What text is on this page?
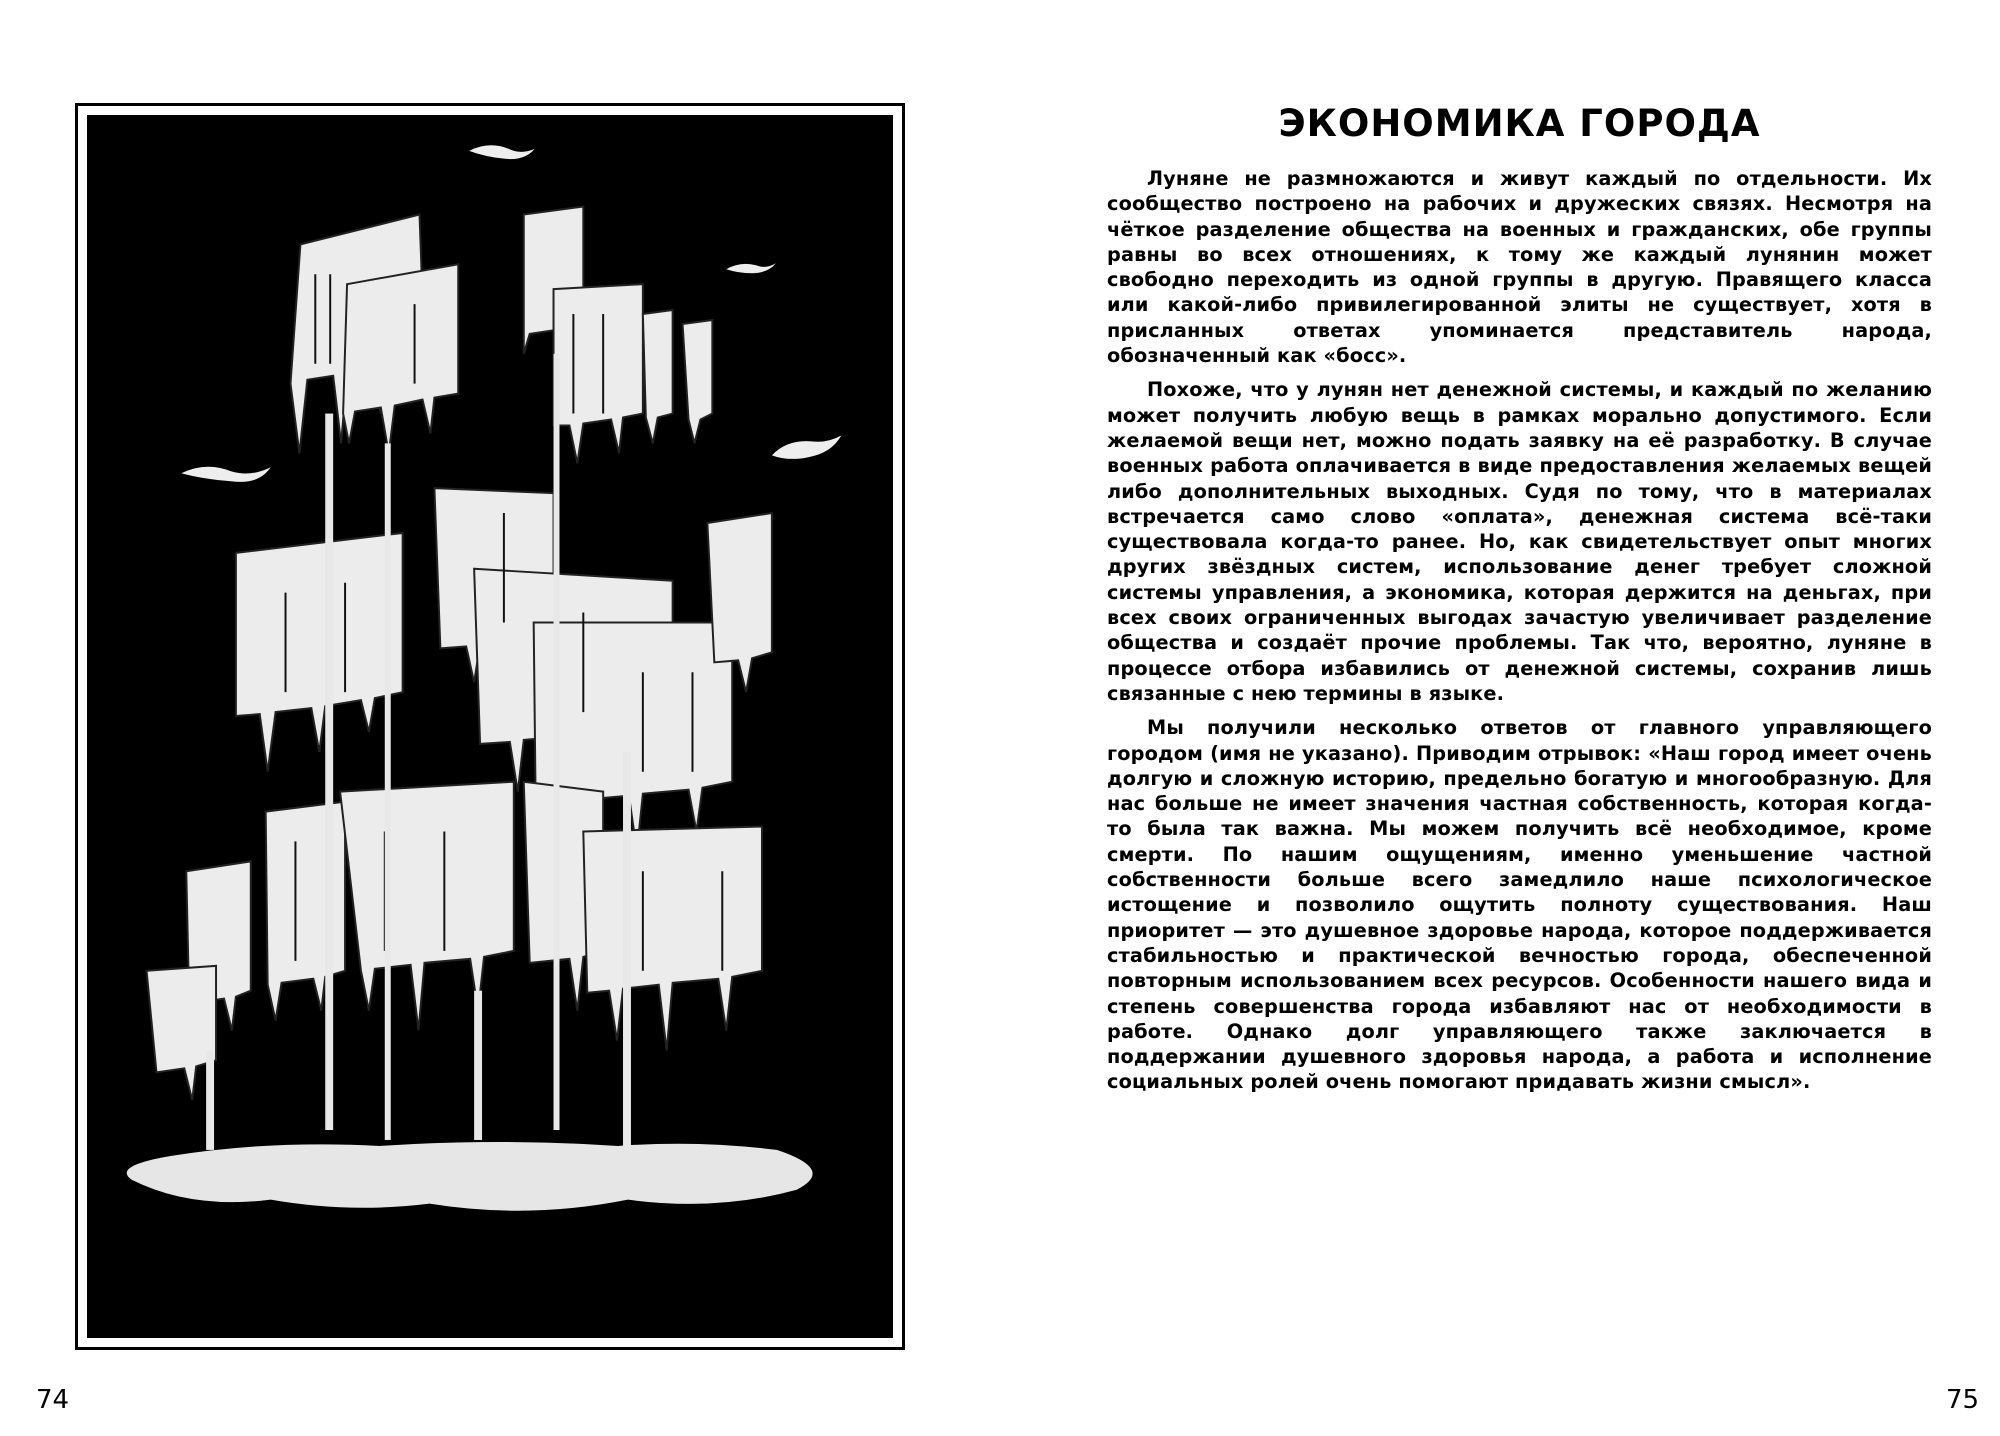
74
ЭКОНОМИКА ГОРОДА

Луняне не размножаются и живут каждый по отдельности. Их сообщество построено на рабочих и дружеских связях. Несмотря на чёткое разделение общества на военных и гражданских, обе группы равны во всех отношениях, к тому же каждый лунянин может свободно переходить из одной группы в другую. Правящего класса или какой-либо привилегированной элиты не существует, хотя в присланных ответах упоминается представитель народа, обозначенный как «босс».

Похоже, что у лунян нет денежной системы, и каждый по желанию может получить любую вещь в рамках морально допустимого. Если желаемой вещи нет, можно подать заявку на её разработку. В случае военных работа оплачивается в виде предоставления желаемых вещей либо дополнительных выходных. Судя по тому, что в материалах встречается само слово «оплата», денежная система всё-таки существовала когда-то ранее. Но, как свидетельствует опыт многих других звёздных систем, использование денег требует сложной системы управления, а экономика, которая держится на деньгах, при всех своих ограниченных выгодах зачастую увеличивает разделение общества и создаёт прочие проблемы. Так что, вероятно, луняне в процессе отбора избавились от денежной системы, сохранив лишь связанные с нею термины в языке.

Мы получили несколько ответов от главного управляющего городом (имя не указано). Приводим отрывок: «Наш город имеет очень долгую и сложную историю, предельно богатую и многообразную. Для нас больше не имеет значения частная собственность, которая когда-то была так важна. Мы можем получить всё необходимое, кроме смерти. По нашим ощущениям, именно уменьшение частной собственности больше всего замедлило наше психологическое истощение и позволило ощутить полноту существования. Наш приоритет — это душевное здоровье народа, которое поддерживается стабильностью и практической вечностью города, обеспеченной повторным использованием всех ресурсов. Особенности нашего вида и степень совершенства города избавляют нас от необходимости в работе. Однако долг управляющего также заключается в поддержании душевного здоровья народа, а работа и исполнение социальных ролей очень помогают придавать жизни смысл».

75
